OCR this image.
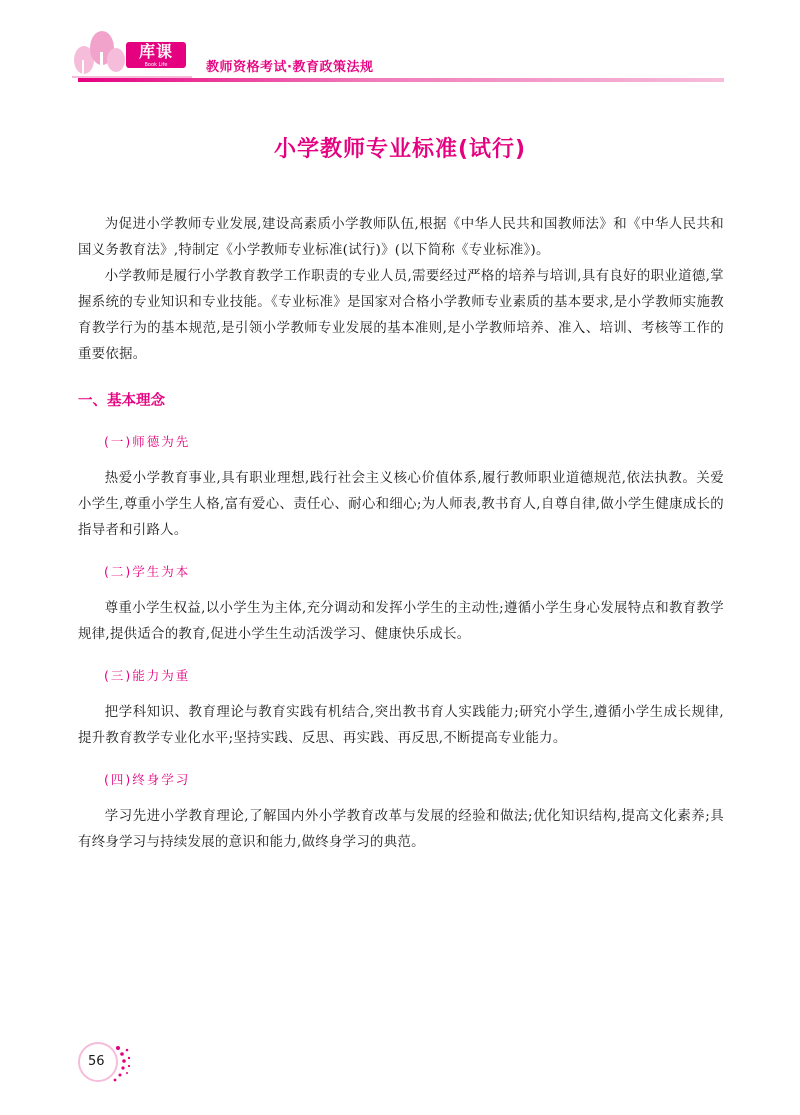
库课
Book Life	教师资格考试·教育政策法规
小学教师专业标准(试行)

为促进小学教师专业发展,建设高素质小学教师队伍,根据《中华人民共和国教师法》和《中华人民共和国义务教育法》,特制定《小学教师专业标准(试行)》(以下简称《专业标准》)。

小学教师是履行小学教育教学工作职责的专业人员,需要经过严格的培养与培训,具有良好的职业道德,掌握系统的专业知识和专业技能。《专业标准》是国家对合格小学教师专业素质的基本要求,是小学教师实施教育教学行为的基本规范,是引领小学教师专业发展的基本准则,是小学教师培养、准入、培训、考核等工作的重要依据。

一、基本理念
(一)师德为先

热爱小学教育事业,具有职业理想,践行社会主义核心价值体系,履行教师职业道德规范,依法执教。关爱小学生,尊重小学生人格,富有爱心、责任心、耐心和细心;为人师表,教书育人,自尊自律,做小学生健康成长的指导者和引路人。

(二)学生为本

尊重小学生权益,以小学生为主体,充分调动和发挥小学生的主动性;遵循小学生身心发展特点和教育教学规律,提供适合的教育,促进小学生生动活泼学习、健康快乐成长。

(三)能力为重

把学科知识、教育理论与教育实践有机结合,突出教书育人实践能力;研究小学生,遵循小学生成长规律,提升教育教学专业化水平;坚持实践、反思、再实践、再反思,不断提高专业能力。

(四)终身学习

学习先进小学教育理论,了解国内外小学教育改革与发展的经验和做法;优化知识结构,提高文化素养;具有终身学习与持续发展的意识和能力,做终身学习的典范。

56
